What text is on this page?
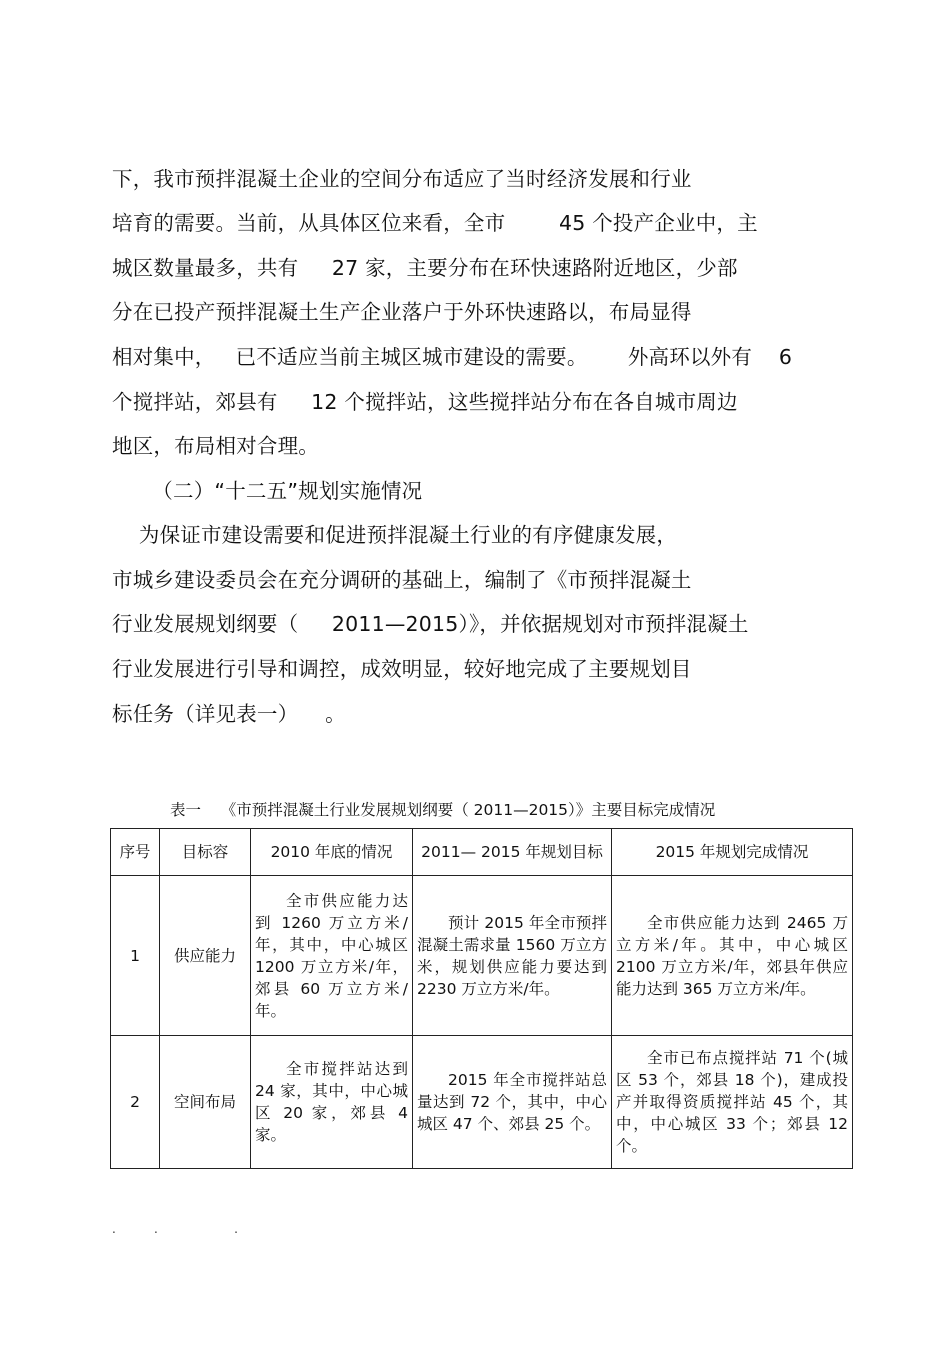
下，我市预拌混凝土企业的空间分布适应了当时经济发展和行业
培育的需要。当前，从具体区位来看，全市        45 个投产企业中，主
城区数量最多，共有     27 家，主要分布在环快速路附近地区，少部
分在已投产预拌混凝土生产企业落户于外环快速路以，布局显得
相对集中，   已不适应当前主城区城市建设的需要。      外高环以外有    6
个搅拌站，郊县有     12 个搅拌站，这些搅拌站分布在各自城市周边
地区，布局相对合理。
（二）“十二五”规划实施情况
为保证市建设需要和促进预拌混凝土行业的有序健康发展，
市城乡建设委员会在充分调研的基础上，编制了《市预拌混凝土
行业发展规划纲要（     2011—2015）》，并依据规划对市预拌混凝土
行业发展进行引导和调控，成效明显，较好地完成了主要规划目
标任务（详见表一）    。
表一    《市预拌混凝土行业发展规划纲要（ 2011—2015）》主要目标完成情况
序号	目标容	2010 年底的情况	2011— 2015 年规划目标	2015 年规划完成情况
1	供应能力	全市供应能力达到 1260 万立方米/年，其中，中心城区 1200 万立方米/年，郊县 60 万立方米/年。	预计 2015 年全市预拌混凝土需求量 1560 万立方米，规划供应能力要达到 2230 万立方米/年。	全市供应能力达到 2465 万立方米/年。其中，中心城区 2100 万立方米/年，郊县年供应能力达到 365 万立方米/年。
2	空间布局	全市搅拌站达到 24 家，其中，中心城区 20 家，郊县 4 家。	2015 年全市搅拌站总量达到 72 个，其中，中心城区 47 个、郊县 25 个。	全市已布点搅拌站 71 个(城区 53 个，郊县 18 个)，建成投产并取得资质搅拌站 45 个，其中，中心城区 33 个；郊县 12 个。
.          .                    .
